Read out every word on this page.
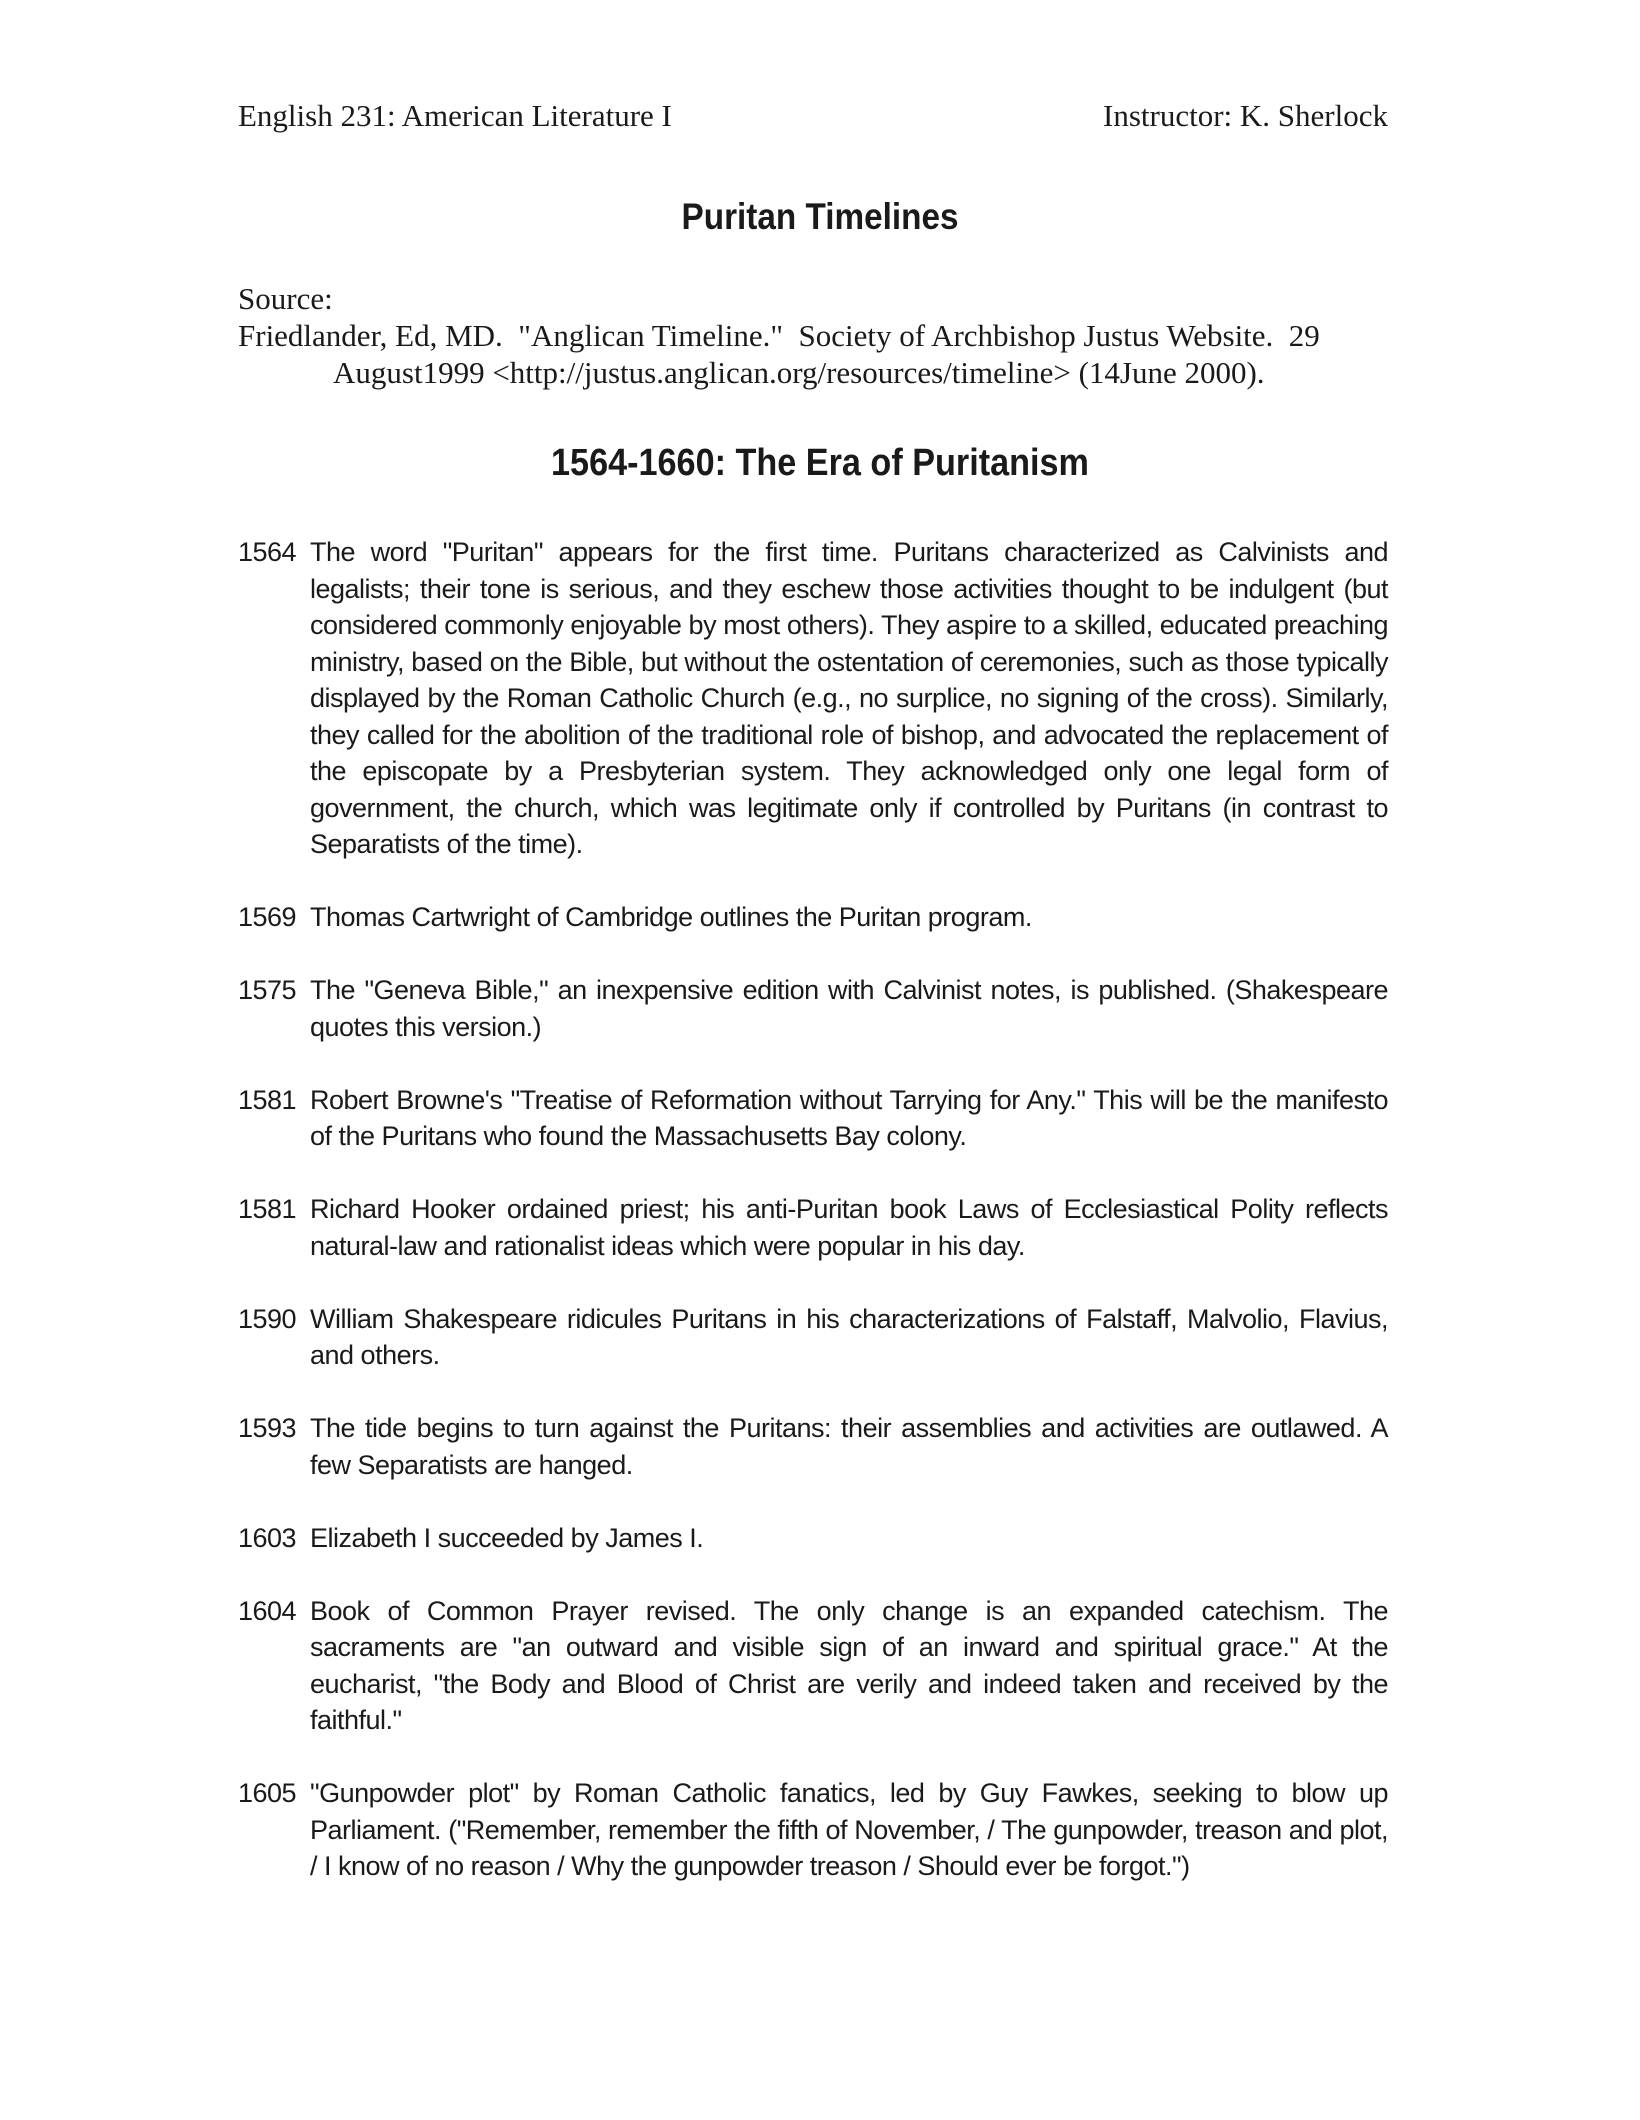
English 231: American Literature I	Instructor: K. Sherlock
Puritan Timelines
Source:
Friedlander, Ed, MD.  "Anglican Timeline."  Society of Archbishop Justus Website.  29
August1999 <http://justus.anglican.org/resources/timeline> (14June 2000).
1564-1660: The Era of Puritanism
1564 The word "Puritan" appears for the first time. Puritans characterized as Calvinists and legalists; their tone is serious, and they eschew those activities thought to be indulgent (but considered commonly enjoyable by most others). They aspire to a skilled, educated preaching ministry, based on the Bible, but without the ostentation of ceremonies, such as those typically displayed by the Roman Catholic Church (e.g., no surplice, no signing of the cross). Similarly, they called for the abolition of the traditional role of bishop, and advocated the replacement of the episcopate by a Presbyterian system. They acknowledged only one legal form of government, the church, which was legitimate only if controlled by Puritans (in contrast to Separatists of the time).
1569 Thomas Cartwright of Cambridge outlines the Puritan program.
1575 The "Geneva Bible," an inexpensive edition with Calvinist notes, is published. (Shakespeare quotes this version.)
1581 Robert Browne's "Treatise of Reformation without Tarrying for Any." This will be the manifesto of the Puritans who found the Massachusetts Bay colony.
1581 Richard Hooker ordained priest; his anti-Puritan book Laws of Ecclesiastical Polity reflects natural-law and rationalist ideas which were popular in his day.
1590 William Shakespeare ridicules Puritans in his characterizations of Falstaff, Malvolio, Flavius, and others.
1593 The tide begins to turn against the Puritans: their assemblies and activities are outlawed. A few Separatists are hanged.
1603 Elizabeth I succeeded by James I.
1604 Book of Common Prayer revised. The only change is an expanded catechism. The sacraments are "an outward and visible sign of an inward and spiritual grace." At the eucharist, "the Body and Blood of Christ are verily and indeed taken and received by the faithful."
1605 "Gunpowder plot" by Roman Catholic fanatics, led by Guy Fawkes, seeking to blow up Parliament. ("Remember, remember the fifth of November, / The gunpowder, treason and plot, / I know of no reason / Why the gunpowder treason / Should ever be forgot.")
